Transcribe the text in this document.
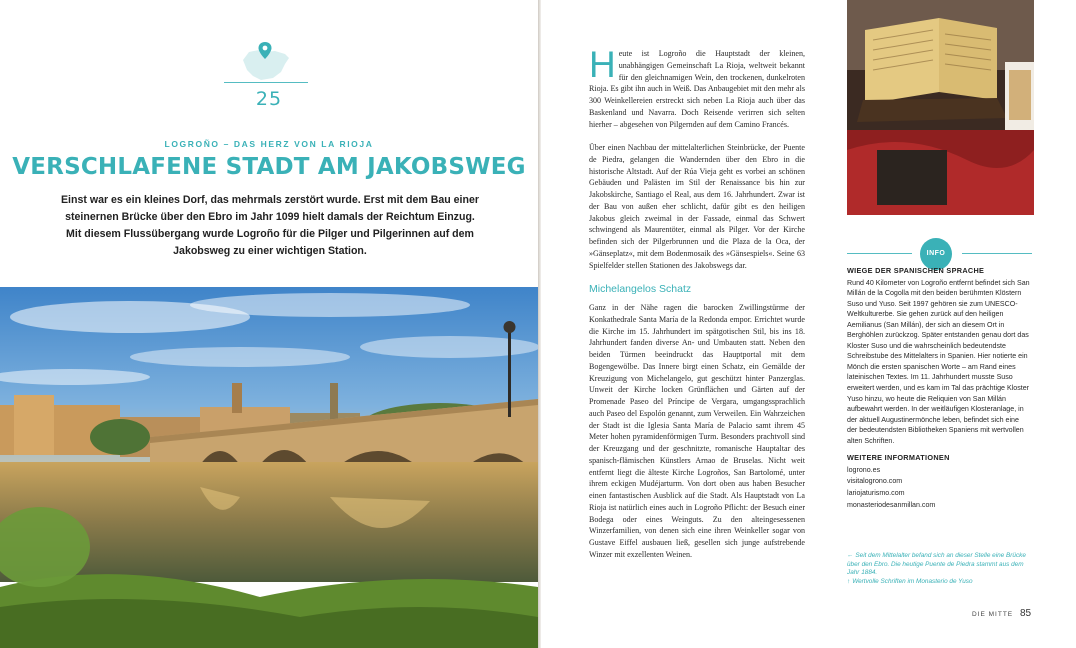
25
LOGROÑO – DAS HERZ VON LA RIOJA
VERSCHLAFENE STADT AM JAKOBSWEG
Einst war es ein kleines Dorf, das mehrmals zerstört wurde. Erst mit dem Bau einer steinernen Brücke über den Ebro im Jahr 1099 hielt damals der Reichtum Einzug. Mit diesem Flussübergang wurde Logroño für die Pilger und Pilgerinnen auf dem Jakobsweg zu einer wichtigen Station.

Heute ist Logroño die Hauptstadt der kleinen, unabhängigen Gemeinschaft La Rioja, weltweit bekannt für den gleichnamigen Wein, den trockenen, dunkelroten Rioja. Es gibt ihn auch in Weiß. Das Anbaugebiet mit den mehr als 300 Weinkellereien erstreckt sich neben La Rioja auch über das Baskenland und Navarra. Doch Reisende verirren sich selten hierher – abgesehen von Pilgernden auf dem Camino Francés.

Über einen Nachbau der mittelalterlichen Steinbrücke, der Puente de Piedra, gelangen die Wandernden über den Ebro in die historische Altstadt. Auf der Rúa Vieja geht es vorbei an schönen Gebäuden und Palästen im Stil der Renaissance bis hin zur Jakobskirche, Santiago el Real, aus dem 16. Jahrhundert. Zwar ist der Bau von außen eher schlicht, dafür gibt es den heiligen Jakobus gleich zweimal in der Fassade, einmal das Schwert schwingend als Maurentöter, einmal als Pilger. Vor der Kirche befinden sich der Pilgerbrunnen und die Plaza de la Oca, der »Gänseplatz«, mit dem Bodenmosaik des »Gänsespiels«. Seine 63 Spielfelder stellen Stationen des Jakobswegs dar.

Michelangelos Schatz

Ganz in der Nähe ragen die barocken Zwillingstürme der Konkathedrale Santa María de la Redonda empor. Errichtet wurde die Kirche im 15. Jahrhundert im spätgotischen Stil, bis ins 18. Jahrhundert fanden diverse An- und Umbauten statt. Neben den beiden Türmen beeindruckt das Hauptportal mit dem Bogengewölbe. Das Innere birgt einen Schatz, ein Gemälde der Kreuzigung von Michelangelo, gut geschützt hinter Panzerglas. Unweit der Kirche locken Grünflächen und Gärten auf der Promenade Paseo del Príncipe de Vergara, umgangssprachlich auch Paseo del Espolón genannt, zum Verweilen. Ein Wahrzeichen der Stadt ist die Iglesia Santa María de Palacio samt ihrem 45 Meter hohen pyramidenförmigen Turm. Besonders prachtvoll sind der Kreuzgang und der geschnitzte, romanische Hauptaltar des spanisch-flämischen Künstlers Arnao de Bruselas. Nicht weit entfernt liegt die älteste Kirche Logroños, San Bartolomé, unter ihrem eckigen Mudéjarturm. Von dort oben aus haben Besucher einen fantastischen Ausblick auf die Stadt. Als Hauptstadt von La Rioja ist natürlich eines auch in Logroño Pflicht: der Besuch einer Bodega oder eines Weinguts. Zu den alteingesessenen Winzerfamilien, von denen sich eine ihren Weinkeller sogar von Gustave Eiffel ausbauen ließ, gesellen sich junge aufstrebende Winzer mit exzellenten Weinen.

INFO
WIEGE DER SPANISCHEN SPRACHE
Rund 40 Kilometer von Logroño entfernt befindet sich San Millán de la Cogolla mit den beiden berühmten Klöstern Suso und Yuso. Seit 1997 gehören sie zum UNESCO-Weltkulturerbe. Sie gehen zurück auf den heiligen Aemilianus (San Millán), der sich an diesem Ort in Berghöhlen zurückzog. Später entstanden genau dort das Kloster Suso und die wahrscheinlich bedeutendste Schreibstube des Mittelalters in Spanien. Hier notierte ein Mönch die ersten spanischen Worte – am Rand eines lateinischen Textes. Im 11. Jahrhundert musste Suso erweitert werden, und es kam im Tal das prächtige Kloster Yuso hinzu, wo heute die Reliquien von San Millán aufbewahrt werden. In der weitläufigen Klosteranlage, in der aktuell Augustinermönche leben, befindet sich eine der bedeutendsten Bibliotheken Spaniens mit wertvollen alten Schriften.
WEITERE INFORMATIONEN
logrono.es
visitalogrono.com
lariojaturismo.com
monasteriodesanmillan.com
← Seit dem Mittelalter befand sich an dieser Stelle eine Brücke über den Ebro. Die heutige Puente de Piedra stammt aus dem Jahr 1884.
↑ Wertvolle Schriften im Monasterio de Yuso
DIE MITTE 85
